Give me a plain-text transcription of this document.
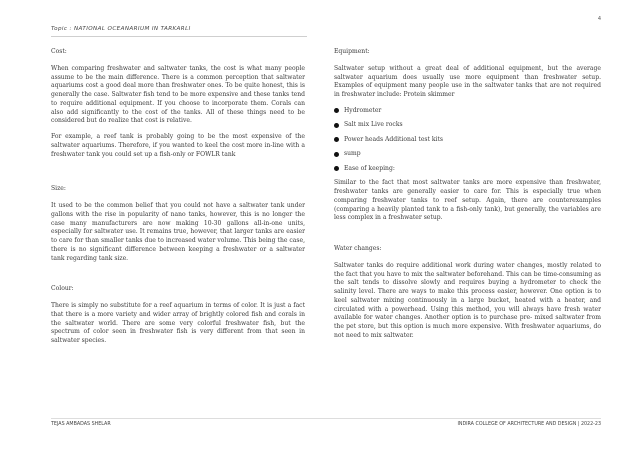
4
Topic : NATIONAL OCEANARIUM IN TARKARLI

Cost:

When comparing freshwater and saltwater tanks, the cost is what many people assume to be the main difference. There is a common perception that saltwater aquariums cost a good deal more than freshwater ones. To be quite honest, this is generally the case. Saltwater fish tend to be more expensive and these tanks tend to require additional equipment. If you choose to incorporate them. Corals can also add significantly to the cost of the tanks. All of these things need to be considered but do realize that cost is relative.

For example, a reef tank is probably going to be the most expensive of the saltwater aquariums. Therefore, if you wanted to keel the cost more in-line with a freshwater tank you could set up a fish-only or FOWLR tank

Size:

It used to be the common belief that you could not have a saltwater tank under gallons with the rise in popularity of nano tanks, however, this is no longer the case many manufacturers are now making 10-30 gallons all-in-one units, especially for saltwater use. It remains true, however, that larger tanks are easier to care for than smaller tanks due to increased water volume. This being the case, there is no significant difference between keeping a freshwater or a saltwater tank regarding tank size.

Colour:

There is simply no substitute for a reef aquarium in terms of color. It is just a fact that there is a more variety and wider array of brightly colored fish and corals in the saltwater world. There are some very colorful freshwater fish, but the spectrum of color seen in freshwater fish is very different from that seen in saltwater species.

Equipment:

Saltwater setup without a great deal of additional equipment, but the average saltwater aquarium does usually use more equipment than freshwater setup. Examples of equipment many people use in the saltwater tanks that are not required in freshwater include: Protein skimmer

Hydrometer
Salt mix Live rocks
Power heads Additional test kits
sump
Ease of keeping:

Similar to the fact that most saltwater tanks are more expensive than freshwater, freshwater tanks are generally easier to care for. This is especially true when comparing freshwater tanks to reef setup. Again, there are counterexamples (comparing a heavily planted tank to a fish-only tank), but generally, the variables are less complex in a freshwater setup.

Water changes:

Saltwater tanks do require additional work during water changes, mostly related to the fact that you have to mix the saltwater beforehand. This can be time-consuming as the salt tends to dissolve slowly and requires buying a hydrometer to check the salinity level. There are ways to make this process easier, however. One option is to keel saltwater mixing continuously in a large bucket, heated with a heater, and circulated with a powerhead. Using this method, you will always have fresh water available for water changes. Another option is to purchase pre- mixed saltwater from the pet store, but this option is much more expensive. With freshwater aquariums, do not need to mix saltwater.

TEJAS AMBADAS SHELAR	INDIRA COLLEGE OF ARCHITECTURE AND DESIGN | 2022-23
